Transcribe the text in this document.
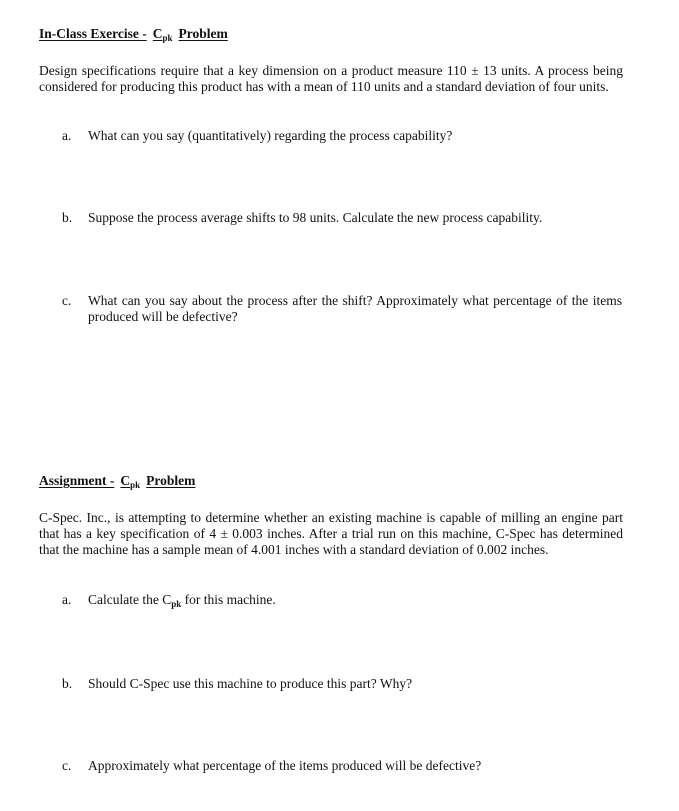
In-Class Exercise - $C_{pk}$ Problem

Design specifications require that a key dimension on a product measure 110 ± 13 units. A process being considered for producing this product has with a mean of 110 units and a standard deviation of four units.

a.	What can you say (quantitatively) regarding the process capability?
b.	Suppose the process average shifts to 98 units. Calculate the new process capability.
c.	What can you say about the process after the shift? Approximately what percentage of the items produced will be defective?
Assignment - $C_{pk}$ Problem

C-Spec. Inc., is attempting to determine whether an existing machine is capable of milling an engine part that has a key specification of 4 ± 0.003 inches. After a trial run on this machine, C-Spec has determined that the machine has a sample mean of 4.001 inches with a standard deviation of 0.002 inches.

a.	Calculate the $C_{pk}$ for this machine.
b.	Should C-Spec use this machine to produce this part? Why?
c.	Approximately what percentage of the items produced will be defective?
